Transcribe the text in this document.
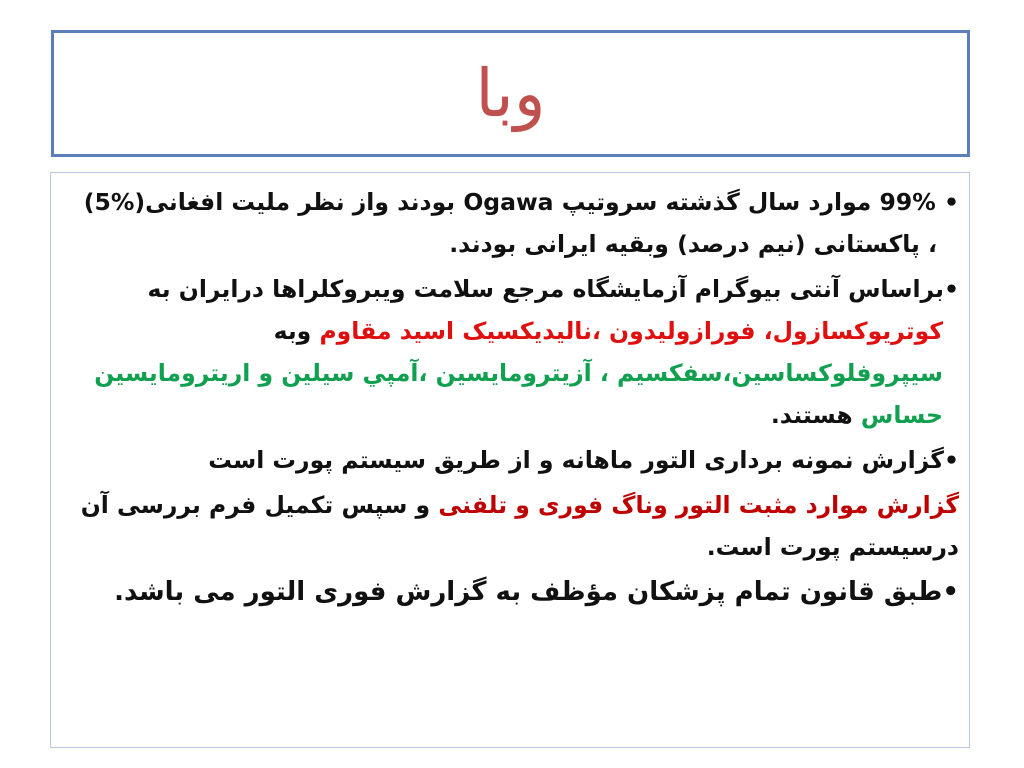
وبا

• 99% موارد سال گذشته سروتیپ Ogawa بودند واز نظر ملیت افغانی(5%) ، پاکستانی (نیم درصد) وبقیه ایرانی بودند.

•براساس آنتی بیوگرام آزمایشگاه مرجع سلامت ویبروکلراها درایران به کوتریوکسازول، فورازولیدون ،نالیدیکسیک اسید مقاوم وبه سیپروفلوکساسین،سفکسیم ، آزیترومایسین ،آمپي سیلین و اریترومایسین حساس هستند.

•گزارش نمونه برداری التور ماهانه و از طریق سیستم پورت است

گزارش موارد مثبت التور وناگ فوری و تلفنی و سپس تکمیل فرم بررسی آن درسیستم پورت است.

•طبق قانون تمام پزشکان مؤظف به گزارش فوری التور می باشد.
